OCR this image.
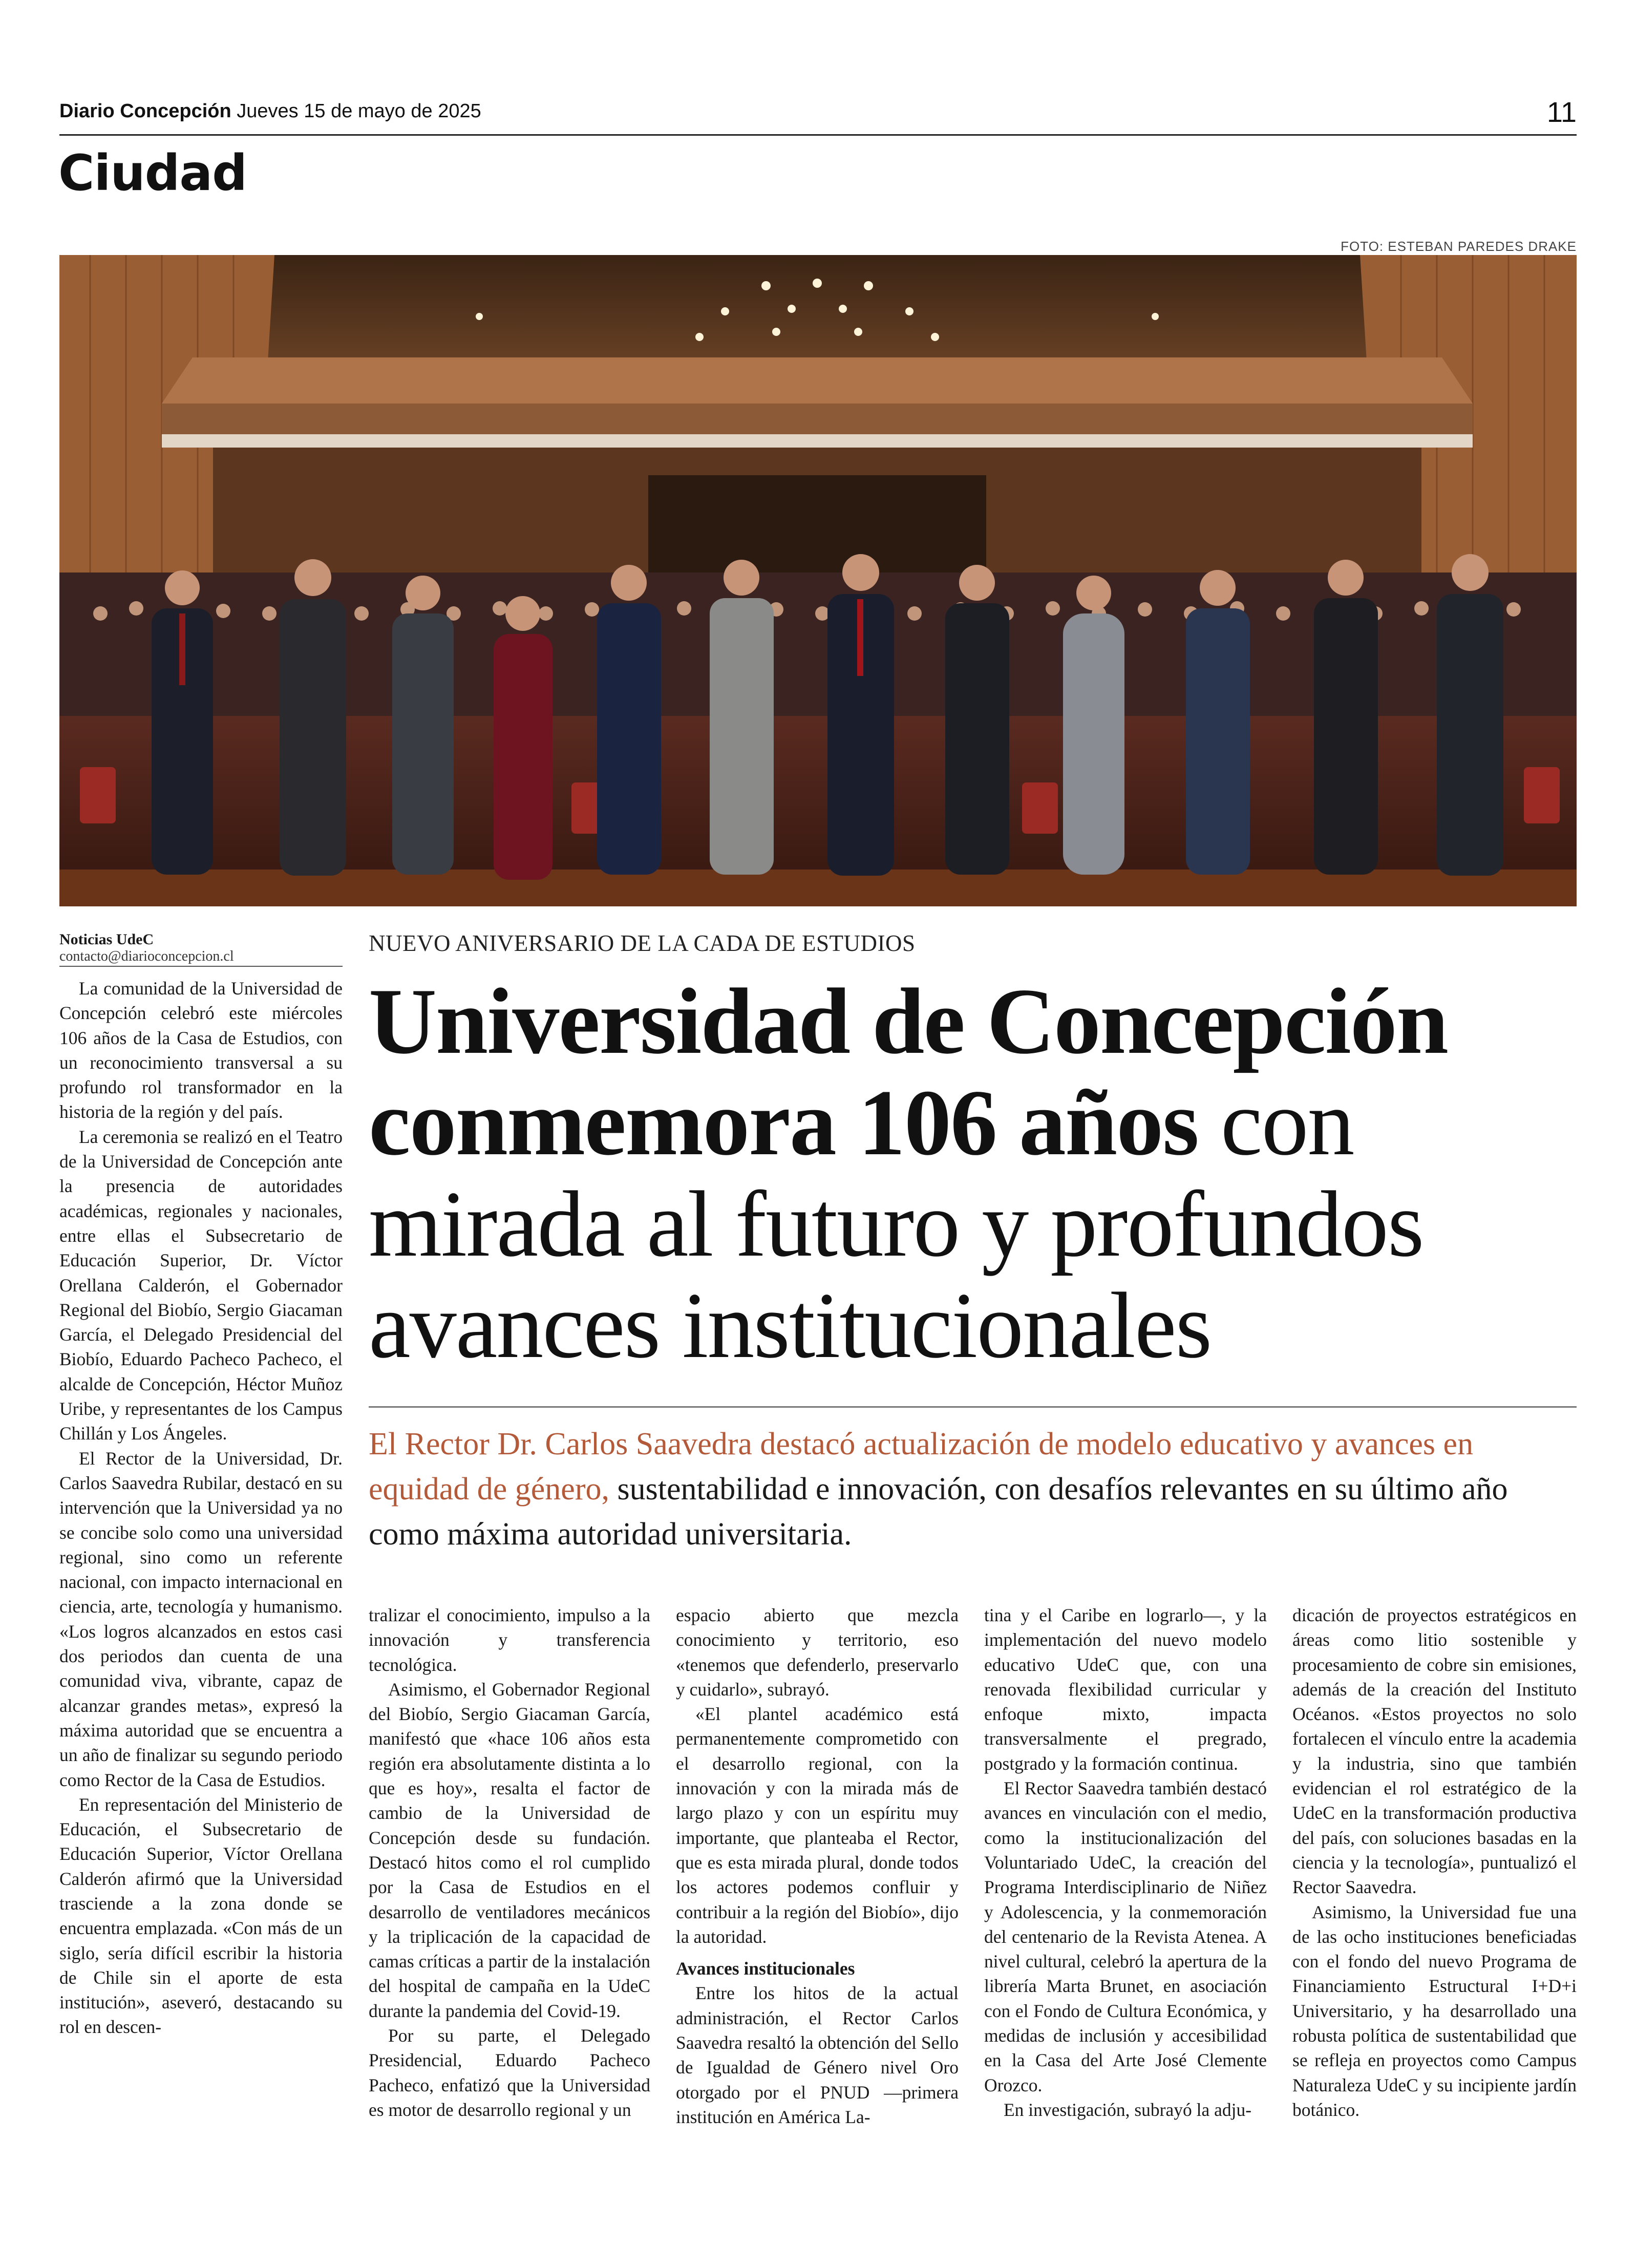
Diario Concepción Jueves 15 de mayo de 2025	11
Ciudad
FOTO: ESTEBAN PAREDES DRAKE
Noticias UdeC
contacto@diarioconcepcion.cl
NUEVO ANIVERSARIO DE LA CADA DE ESTUDIOS
Universidad de Concepción conmemora 106 años con mirada al futuro y profundos avances institucionales
El Rector Dr. Carlos Saavedra destacó actualización de modelo educativo y avances en equidad de género, sustentabilidad e innovación, con desafíos relevantes en su último año como máxima autoridad universitaria.

La comunidad de la Universidad de Concepción celebró este miércoles 106 años de la Casa de Estudios, con un reconocimiento transversal a su profundo rol transformador en la historia de la región y del país.

La ceremonia se realizó en el Teatro de la Universidad de Concepción ante la presencia de autoridades académicas, regionales y nacionales, entre ellas el Subsecretario de Educación Superior, Dr. Víctor Orellana Calderón, el Gobernador Regional del Biobío, Sergio Giacaman García, el Delegado Presidencial del Biobío, Eduardo Pacheco Pacheco, el alcalde de Concepción, Héctor Muñoz Uribe, y representantes de los Campus Chillán y Los Ángeles.

El Rector de la Universidad, Dr. Carlos Saavedra Rubilar, destacó en su intervención que la Universidad ya no se concibe solo como una universidad regional, sino como un referente nacional, con impacto internacional en ciencia, arte, tecnología y humanismo. «Los logros alcanzados en estos casi dos periodos dan cuenta de una comunidad viva, vibrante, capaz de alcanzar grandes metas», expresó la máxima autoridad que se encuentra a un año de finalizar su segundo periodo como Rector de la Casa de Estudios.

En representación del Ministerio de Educación, el Subsecretario de Educación Superior, Víctor Orellana Calderón afirmó que la Universidad trasciende a la zona donde se encuentra emplazada. «Con más de un siglo, sería difícil escribir la historia de Chile sin el aporte de esta institución», aseveró, destacando su rol en descen-

tralizar el conocimiento, impulso a la innovación y transferencia tecnológica.

Asimismo, el Gobernador Regional del Biobío, Sergio Giacaman García, manifestó que «hace 106 años esta región era absolutamente distinta a lo que es hoy», resalta el factor de cambio de la Universidad de Concepción desde su fundación. Destacó hitos como el rol cumplido por la Casa de Estudios en el desarrollo de ventiladores mecánicos y la triplicación de la capacidad de camas críticas a partir de la instalación del hospital de campaña en la UdeC durante la pandemia del Covid-19.

Por su parte, el Delegado Presidencial, Eduardo Pacheco Pacheco, enfatizó que la Universidad es motor de desarrollo regional y un

espacio abierto que mezcla conocimiento y territorio, eso «tenemos que defenderlo, preservarlo y cuidarlo», subrayó.

«El plantel académico está permanentemente comprometido con el desarrollo regional, con la innovación y con la mirada más de largo plazo y con un espíritu muy importante, que planteaba el Rector, que es esta mirada plural, donde todos los actores podemos confluir y contribuir a la región del Biobío», dijo la autoridad.

Avances institucionales

Entre los hitos de la actual administración, el Rector Carlos Saavedra resaltó la obtención del Sello de Igualdad de Género nivel Oro otorgado por el PNUD —primera institución en América La-

tina y el Caribe en lograrlo—, y la implementación del nuevo modelo educativo UdeC que, con una renovada flexibilidad curricular y enfoque mixto, impacta transversalmente el pregrado, postgrado y la formación continua.

El Rector Saavedra también destacó avances en vinculación con el medio, como la institucionalización del Voluntariado UdeC, la creación del Programa Interdisciplinario de Niñez y Adolescencia, y la conmemoración del centenario de la Revista Atenea. A nivel cultural, celebró la apertura de la librería Marta Brunet, en asociación con el Fondo de Cultura Económica, y medidas de inclusión y accesibilidad en la Casa del Arte José Clemente Orozco.

En investigación, subrayó la adju-

dicación de proyectos estratégicos en áreas como litio sostenible y procesamiento de cobre sin emisiones, además de la creación del Instituto Océanos. «Estos proyectos no solo fortalecen el vínculo entre la academia y la industria, sino que también evidencian el rol estratégico de la UdeC en la transformación productiva del país, con soluciones basadas en la ciencia y la tecnología», puntualizó el Rector Saavedra.

Asimismo, la Universidad fue una de las ocho instituciones beneficiadas con el fondo del nuevo Programa de Financiamiento Estructural I+D+i Universitario, y ha desarrollado una robusta política de sustentabilidad que se refleja en proyectos como Campus Naturaleza UdeC y su incipiente jardín botánico.
